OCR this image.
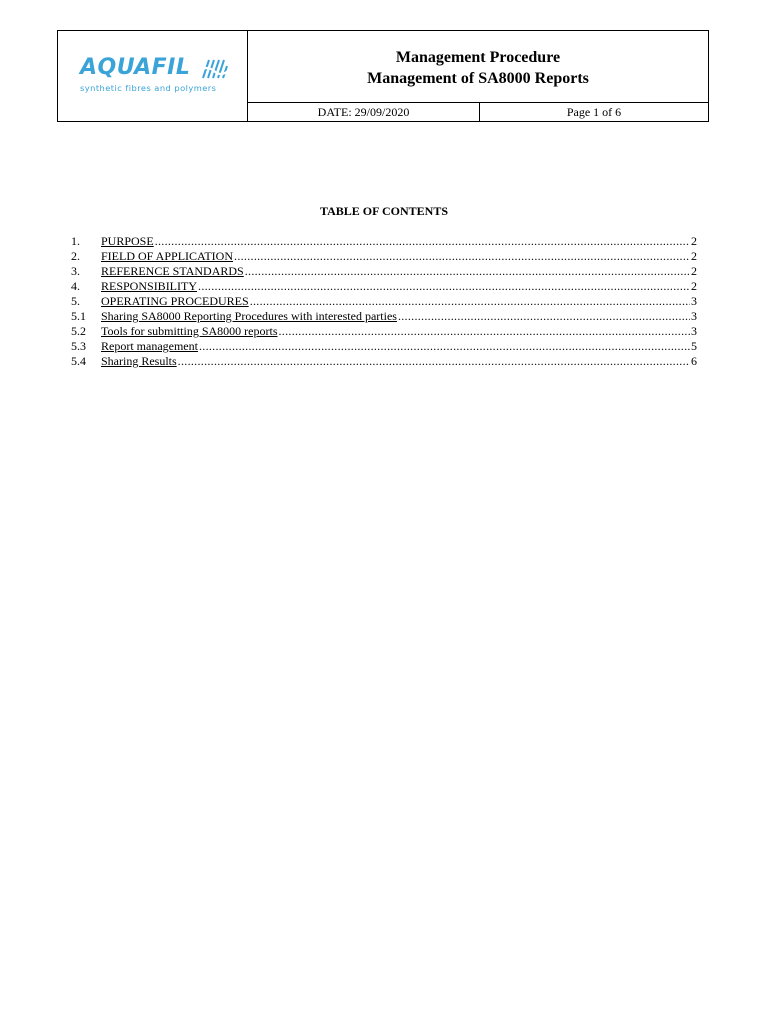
AQUAFIL
synthetic fibres and polymers
Management Procedure
Management of SA8000 Reports
DATE: 29/09/2020	Page 1 of 6
TABLE OF CONTENTS
1.	PURPOSE .....	2
2.	FIELD OF APPLICATION .....	2
3.	REFERENCE STANDARDS .....	2
4.	RESPONSIBILITY .....	2
5.	OPERATING PROCEDURES .....	3
5.1	Sharing SA8000 Reporting Procedures with interested parties .....	3
5.2	Tools for submitting SA8000 reports .....	3
5.3	Report management .....	5
5.4	Sharing Results .....	6
